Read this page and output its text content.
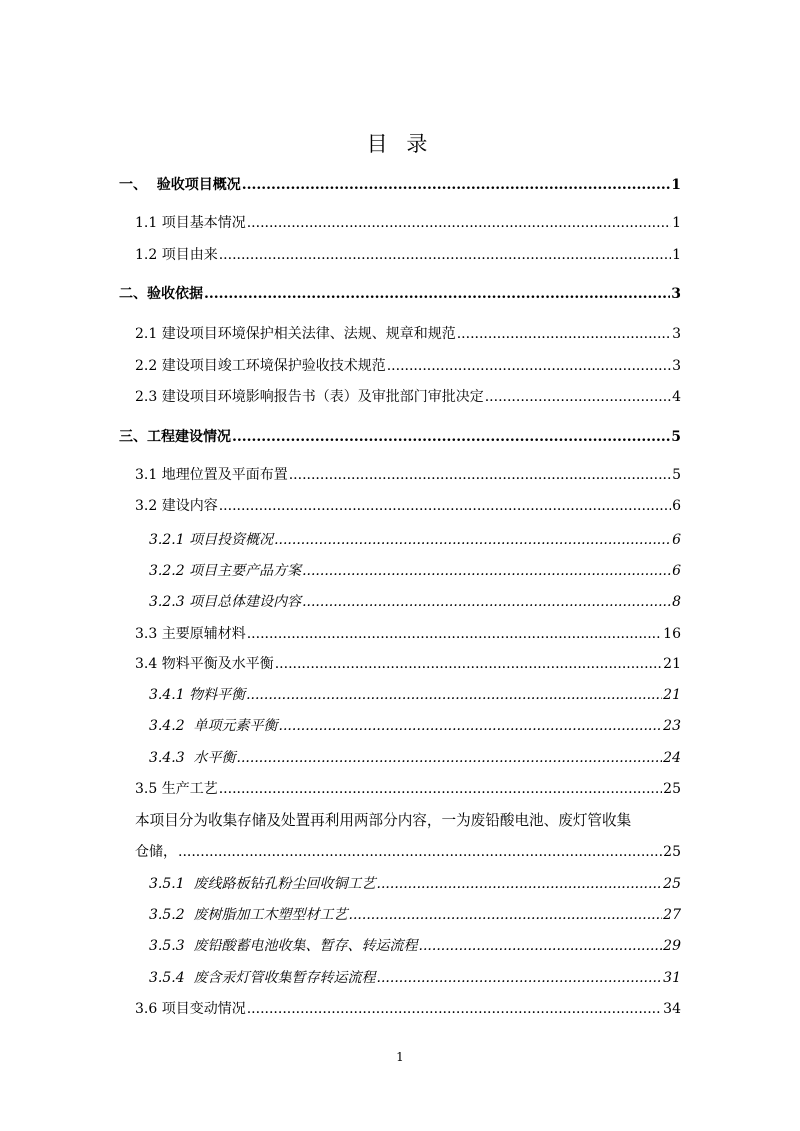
目 录
一、  验收项目概况 .....	1
1.1 项目基本情况 .....	1
1.2 项目由来 .....	1
二、验收依据 .....	3
2.1 建设项目环境保护相关法律、法规、规章和规范 .....	3
2.2 建设项目竣工环境保护验收技术规范 .....	3
2.3 建设项目环境影响报告书（表）及审批部门审批决定 .....	4
三、工程建设情况 .....	5
3.1 地理位置及平面布置 .....	5
3.2 建设内容 .....	6
3.2.1 项目投资概况 .....	6
3.2.2 项目主要产品方案 .....	6
3.2.3 项目总体建设内容 .....	8
3.3 主要原辅材料 .....	16
3.4 物料平衡及水平衡 .....	21
3.4.1 物料平衡 .....	21
3.4.2  单项元素平衡 .....	23
3.4.3  水平衡 .....	24
3.5 生产工艺 .....	25
本项目分为收集存储及处置再利用两部分内容，一为废铅酸电池、废灯管收集
仓储， .....	25
3.5.1  废线路板钻孔粉尘回收铜工艺 .....	25
3.5.2  废树脂加工木塑型材工艺 .....	27
3.5.3  废铅酸蓄电池收集、暂存、转运流程 .....	29
3.5.4  废含汞灯管收集暂存转运流程 .....	31
3.6 项目变动情况 .....	34
1
